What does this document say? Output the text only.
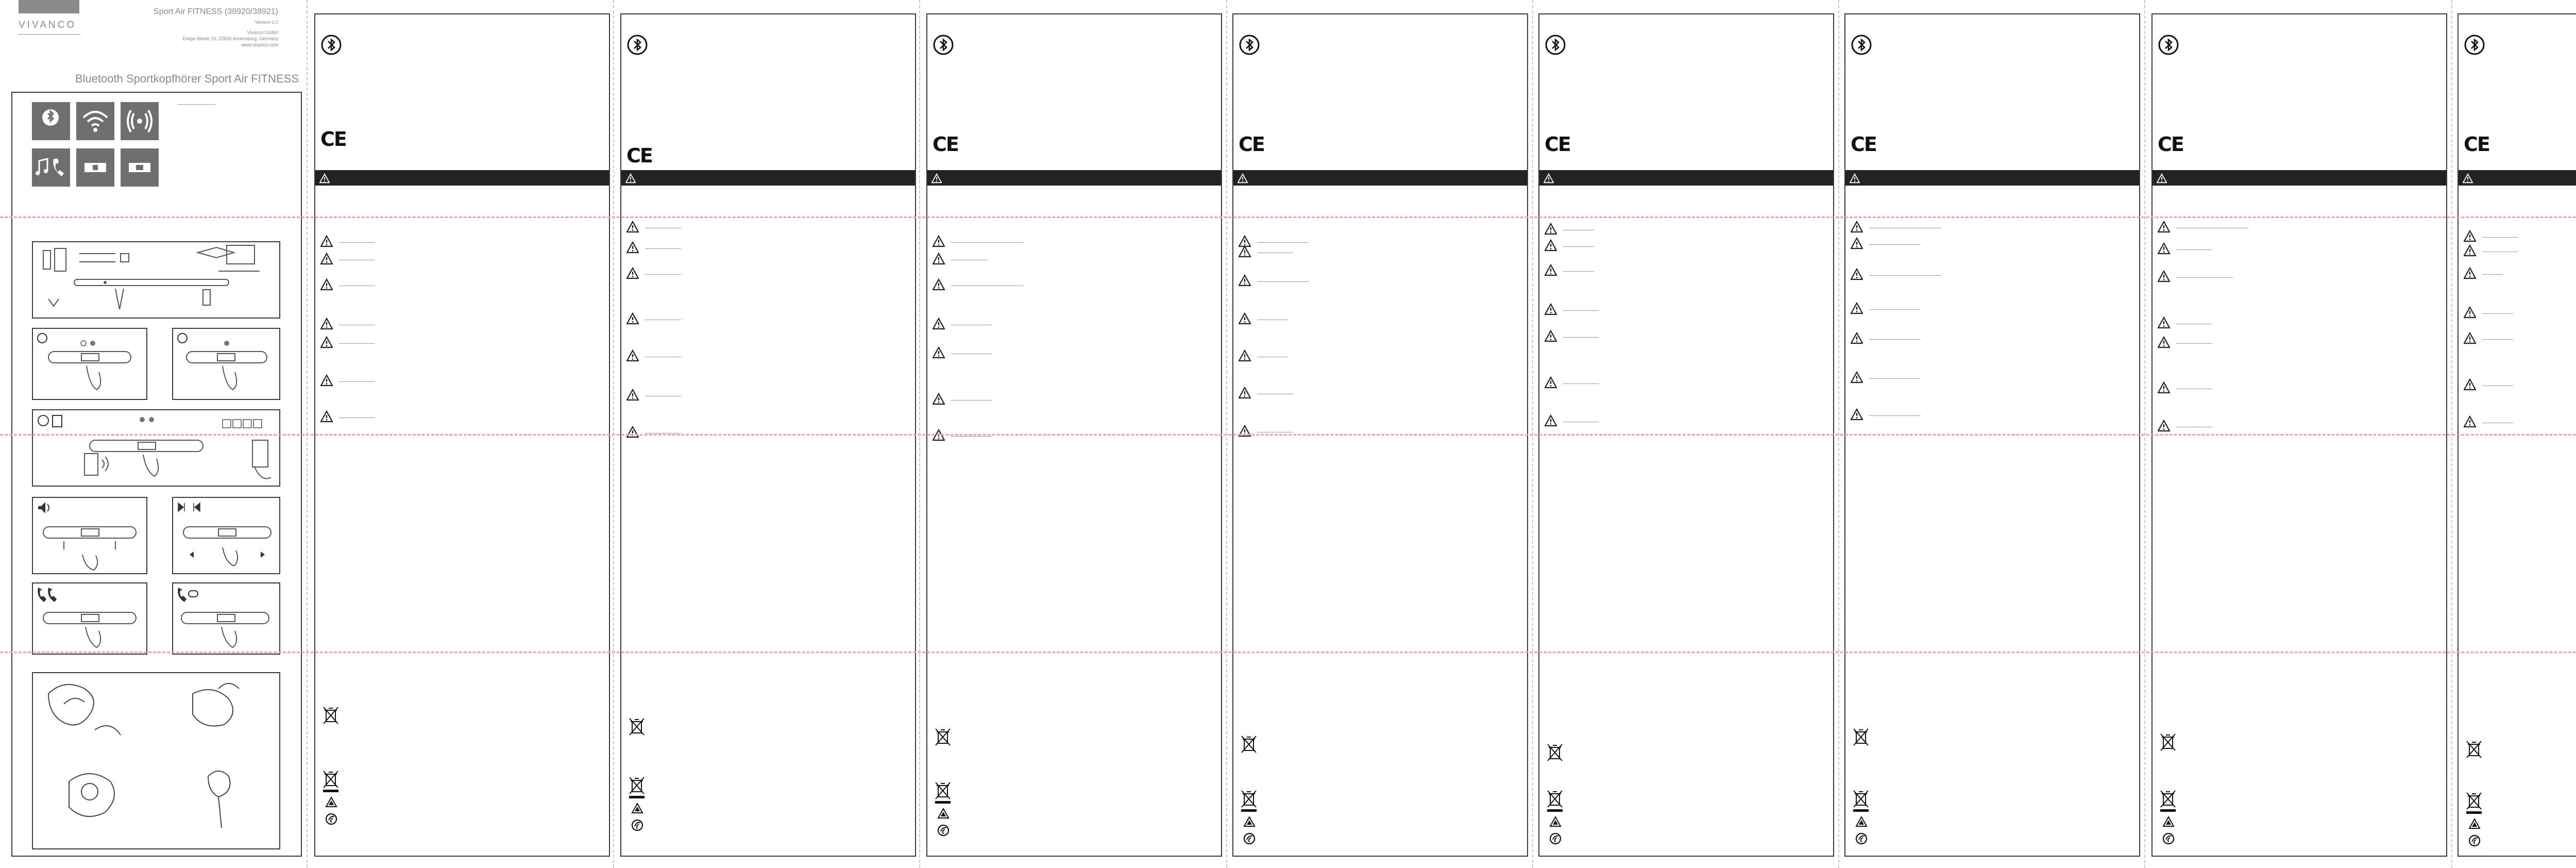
VIVANCO
Sport Air FITNESS (38920/38921)
Version 1.0
Vivanco GmbH
Ewige Weide 15, 22926 Ahrensburg, Germany
www.vivanco.com
Bluetooth Sportkopfhörer Sport Air FITNESS
CE
CE	CE	CE	CE	CE	CE	CE
